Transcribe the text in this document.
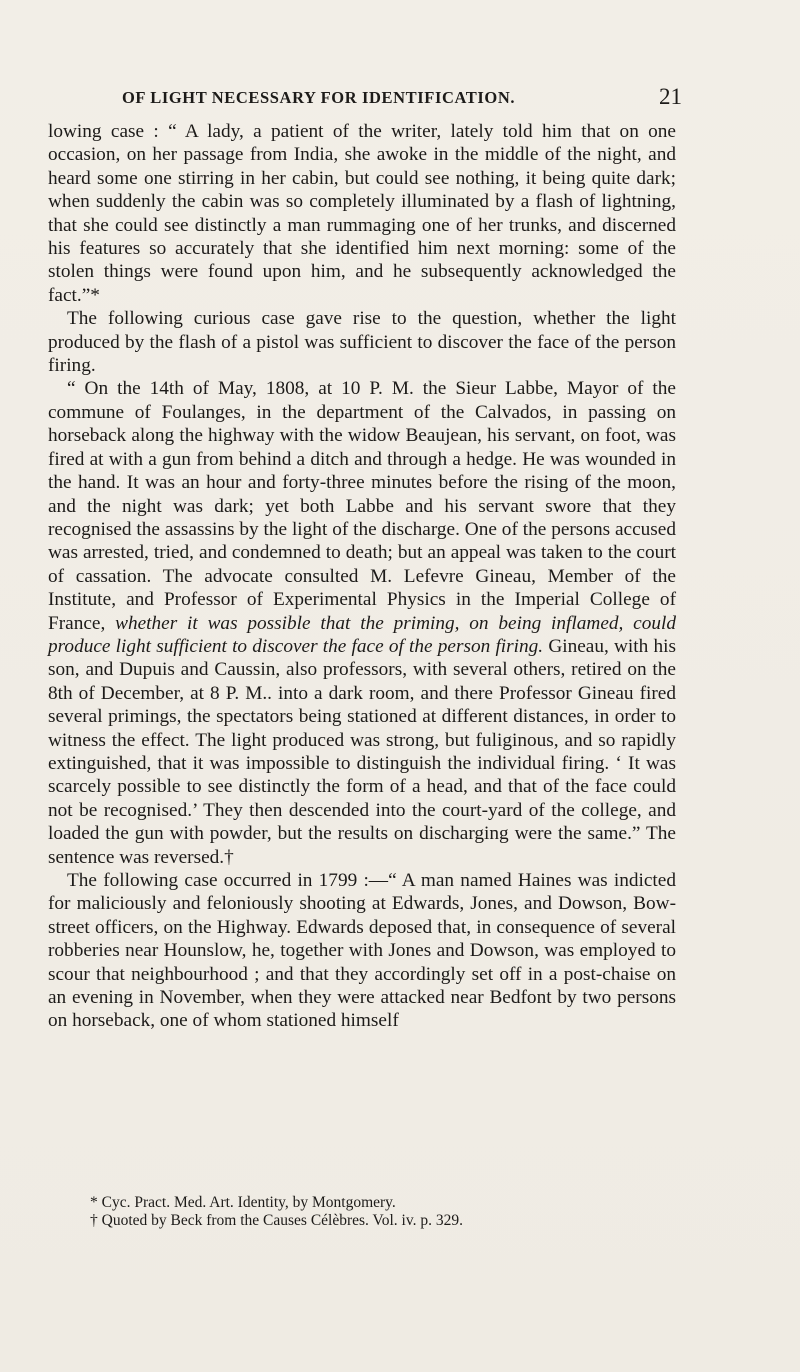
OF LIGHT NECESSARY FOR IDENTIFICATION.	21

lowing case : “ A lady, a patient of the writer, lately told him that on one occasion, on her passage from India, she awoke in the middle of the night, and heard some one stirring in her cabin, but could see nothing, it being quite dark; when suddenly the cabin was so completely illuminated by a flash of lightning, that she could see distinctly a man rummaging one of her trunks, and discerned his features so accurately that she identified him next morning: some of the stolen things were found upon him, and he subsequently acknowledged the fact.”*

The following curious case gave rise to the question, whether the light produced by the flash of a pistol was sufficient to discover the face of the person firing.

“ On the 14th of May, 1808, at 10 P. M. the Sieur Labbe, Mayor of the commune of Foulanges, in the department of the Calvados, in passing on horseback along the highway with the widow Beaujean, his servant, on foot, was fired at with a gun from behind a ditch and through a hedge. He was wounded in the hand. It was an hour and forty-three minutes before the rising of the moon, and the night was dark; yet both Labbe and his servant swore that they recognised the assassins by the light of the discharge. One of the persons accused was arrested, tried, and condemned to death; but an appeal was taken to the court of cassation. The advocate consulted M. Lefevre Gineau, Member of the Institute, and Professor of Experimental Physics in the Imperial College of France, whether it was possible that the priming, on being inflamed, could produce light sufficient to discover the face of the person firing. Gineau, with his son, and Dupuis and Caussin, also professors, with several others, retired on the 8th of December, at 8 P. M.. into a dark room, and there Professor Gineau fired several primings, the spectators being stationed at different distances, in order to witness the effect. The light produced was strong, but fuliginous, and so rapidly extinguished, that it was impossible to distinguish the individual firing. ‘ It was scarcely possible to see distinctly the form of a head, and that of the face could not be recognised.’ They then descended into the court-yard of the college, and loaded the gun with powder, but the results on discharging were the same.” The sentence was reversed.†

The following case occurred in 1799 :—“ A man named Haines was indicted for maliciously and feloniously shooting at Edwards, Jones, and Dowson, Bow-street officers, on the Highway. Edwards deposed that, in consequence of several robberies near Hounslow, he, together with Jones and Dowson, was employed to scour that neighbourhood ; and that they accordingly set off in a post-chaise on an evening in November, when they were attacked near Bedfont by two persons on horseback, one of whom stationed himself

* Cyc. Pract. Med. Art. Identity, by Montgomery.

† Quoted by Beck from the Causes Célèbres. Vol. iv. p. 329.
